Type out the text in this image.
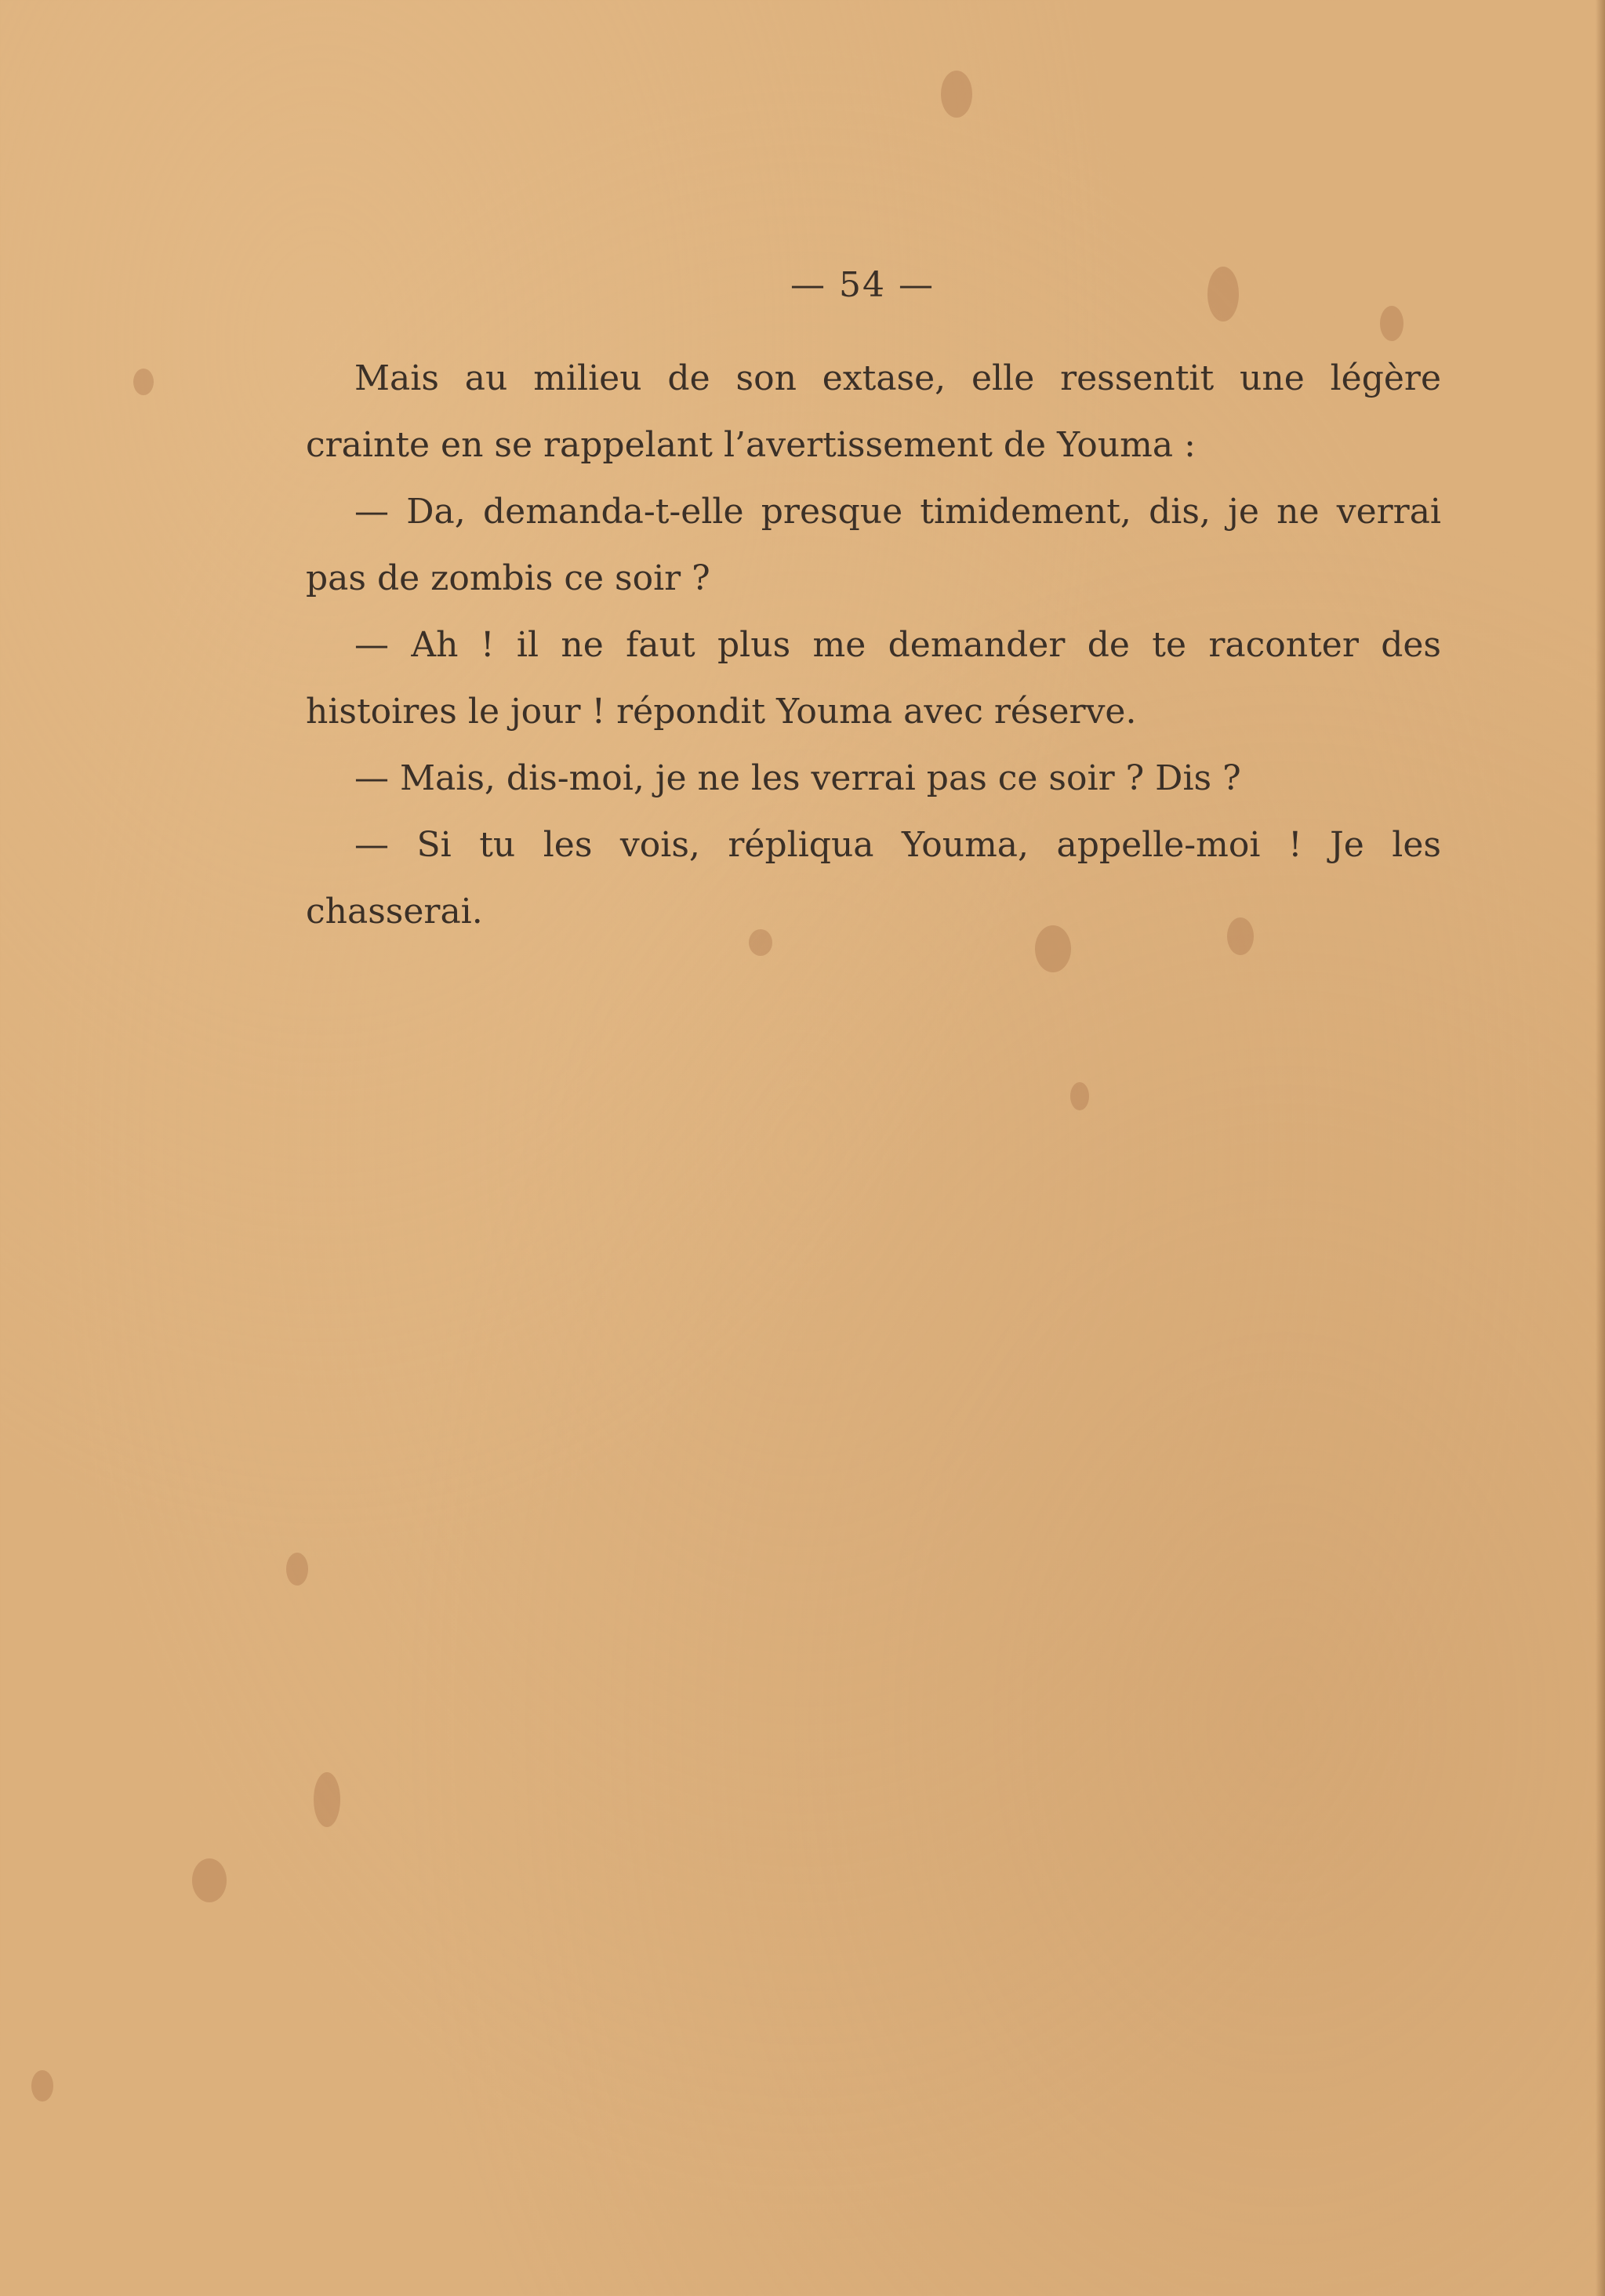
— 54 —

Mais au milieu de son extase, elle ressentit une légère crainte en se rappelant l’avertissement de Youma :

— Da, demanda-t-elle presque timidement, dis, je ne verrai pas de zombis ce soir ?

— Ah ! il ne faut plus me demander de te raconter des histoires le jour ! répondit Youma avec réserve.

— Mais, dis-moi, je ne les verrai pas ce soir ? Dis ?

— Si tu les vois, répliqua Youma, appelle-moi ! Je les chasserai.
